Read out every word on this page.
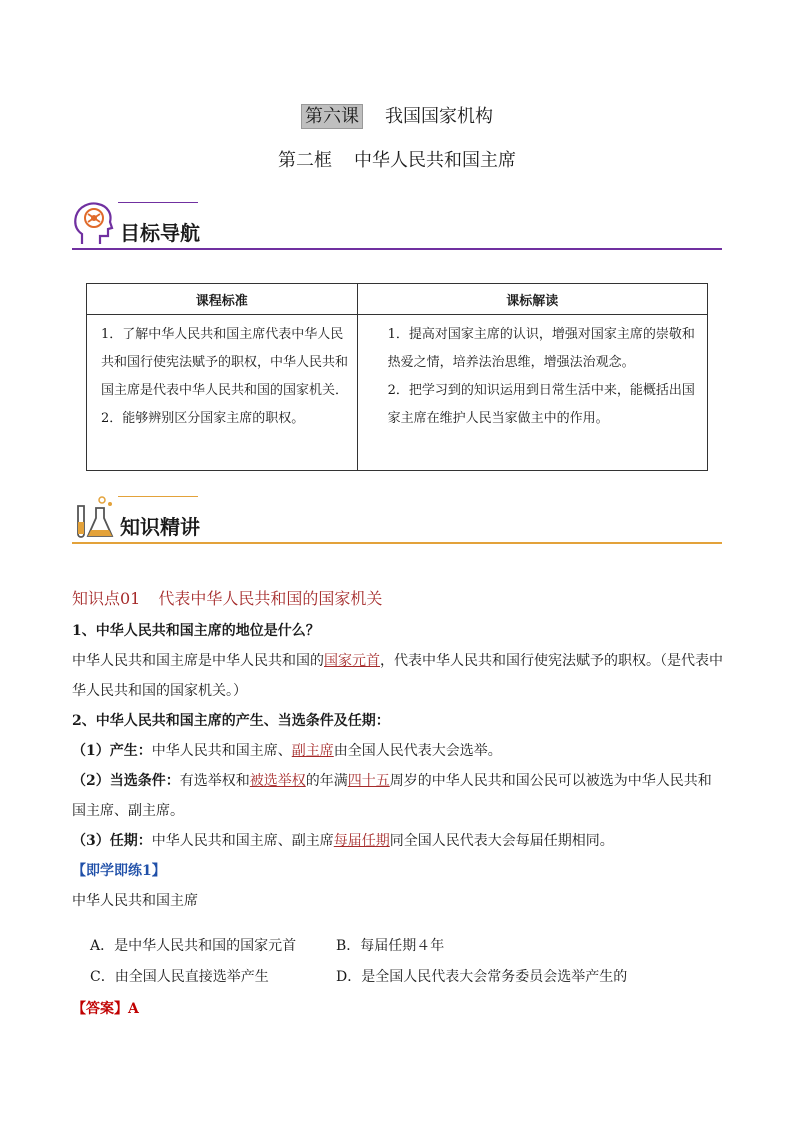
第六课 我国国家机构
第二框 中华人民共和国主席
目标导航
课程标准	课标解读

1．了解中华人民共和国主席代表中华人民共和国行使宪法赋予的职权，中华人民共和国主席是代表中华人民共和国的国家机关．
2．能够辨别区分国家主席的职权。	1．提高对国家主席的认识，增强对国家主席的崇敬和热爱之情，培养法治思维，增强法治观念。
2．把学习到的知识运用到日常生活中来，能概括出国家主席在维护人民当家做主中的作用。
知识精讲
知识点01 代表中华人民共和国的国家机关
1、中华人民共和国主席的地位是什么？
中华人民共和国主席是中华人民共和国的国家元首，代表中华人民共和国行使宪法赋予的职权。（是代表中华人民共和国的国家机关。）
2、中华人民共和国主席的产生、当选条件及任期：
（1）产生：中华人民共和国主席、副主席由全国人民代表大会选举。
（2）当选条件：有选举权和被选举权的年满四十五周岁的中华人民共和国公民可以被选为中华人民共和国主席、副主席。
（3）任期：中华人民共和国主席、副主席每届任期同全国人民代表大会每届任期相同。
【即学即练1】
中华人民共和国主席
A．是中华人民共和国的国家元首	B．每届任期４年
C．由全国人民直接选举产生	D．是全国人民代表大会常务委员会选举产生的
【答案】A
